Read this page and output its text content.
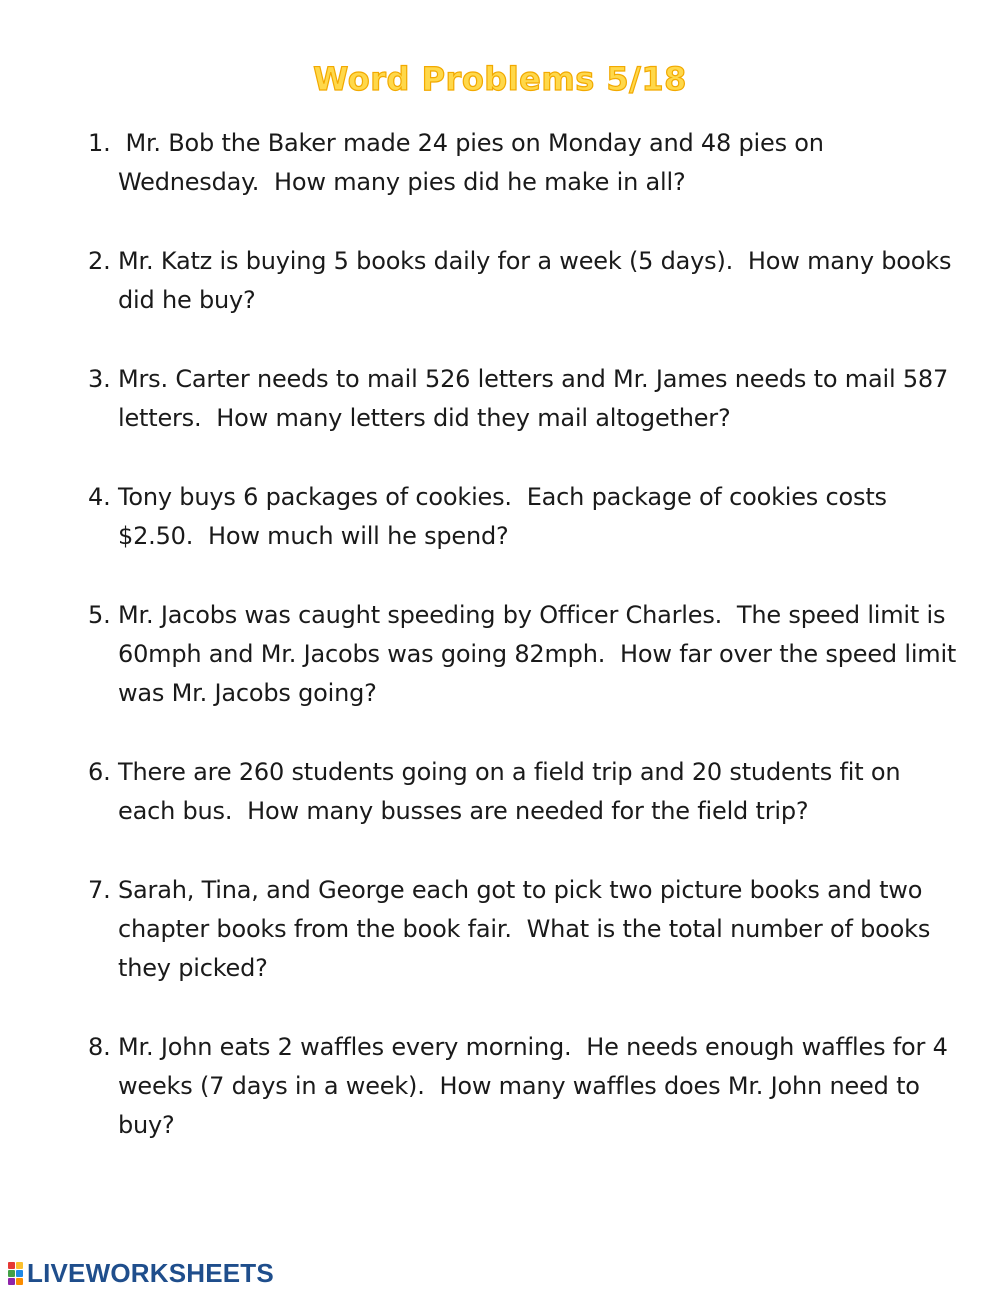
Word Problems 5/18
1. Mr. Bob the Baker made 24 pies on Monday and 48 pies on Wednesday.  How many pies did he make in all?
2. Mr. Katz is buying 5 books daily for a week (5 days).  How many books did he buy?
3. Mrs. Carter needs to mail 526 letters and Mr. James needs to mail 587 letters.  How many letters did they mail altogether?
4. Tony buys 6 packages of cookies.  Each package of cookies costs $2.50.  How much will he spend?
5. Mr. Jacobs was caught speeding by Officer Charles.  The speed limit is 60mph and Mr. Jacobs was going 82mph.  How far over the speed limit was Mr. Jacobs going?
6. There are 260 students going on a field trip and 20 students fit on each bus.  How many busses are needed for the field trip?
7. Sarah, Tina, and George each got to pick two picture books and two chapter books from the book fair.  What is the total number of books they picked?
8. Mr. John eats 2 waffles every morning.  He needs enough waffles for 4 weeks (7 days in a week).  How many waffles does Mr. John need to buy?
LIVEWORKSHEETS
